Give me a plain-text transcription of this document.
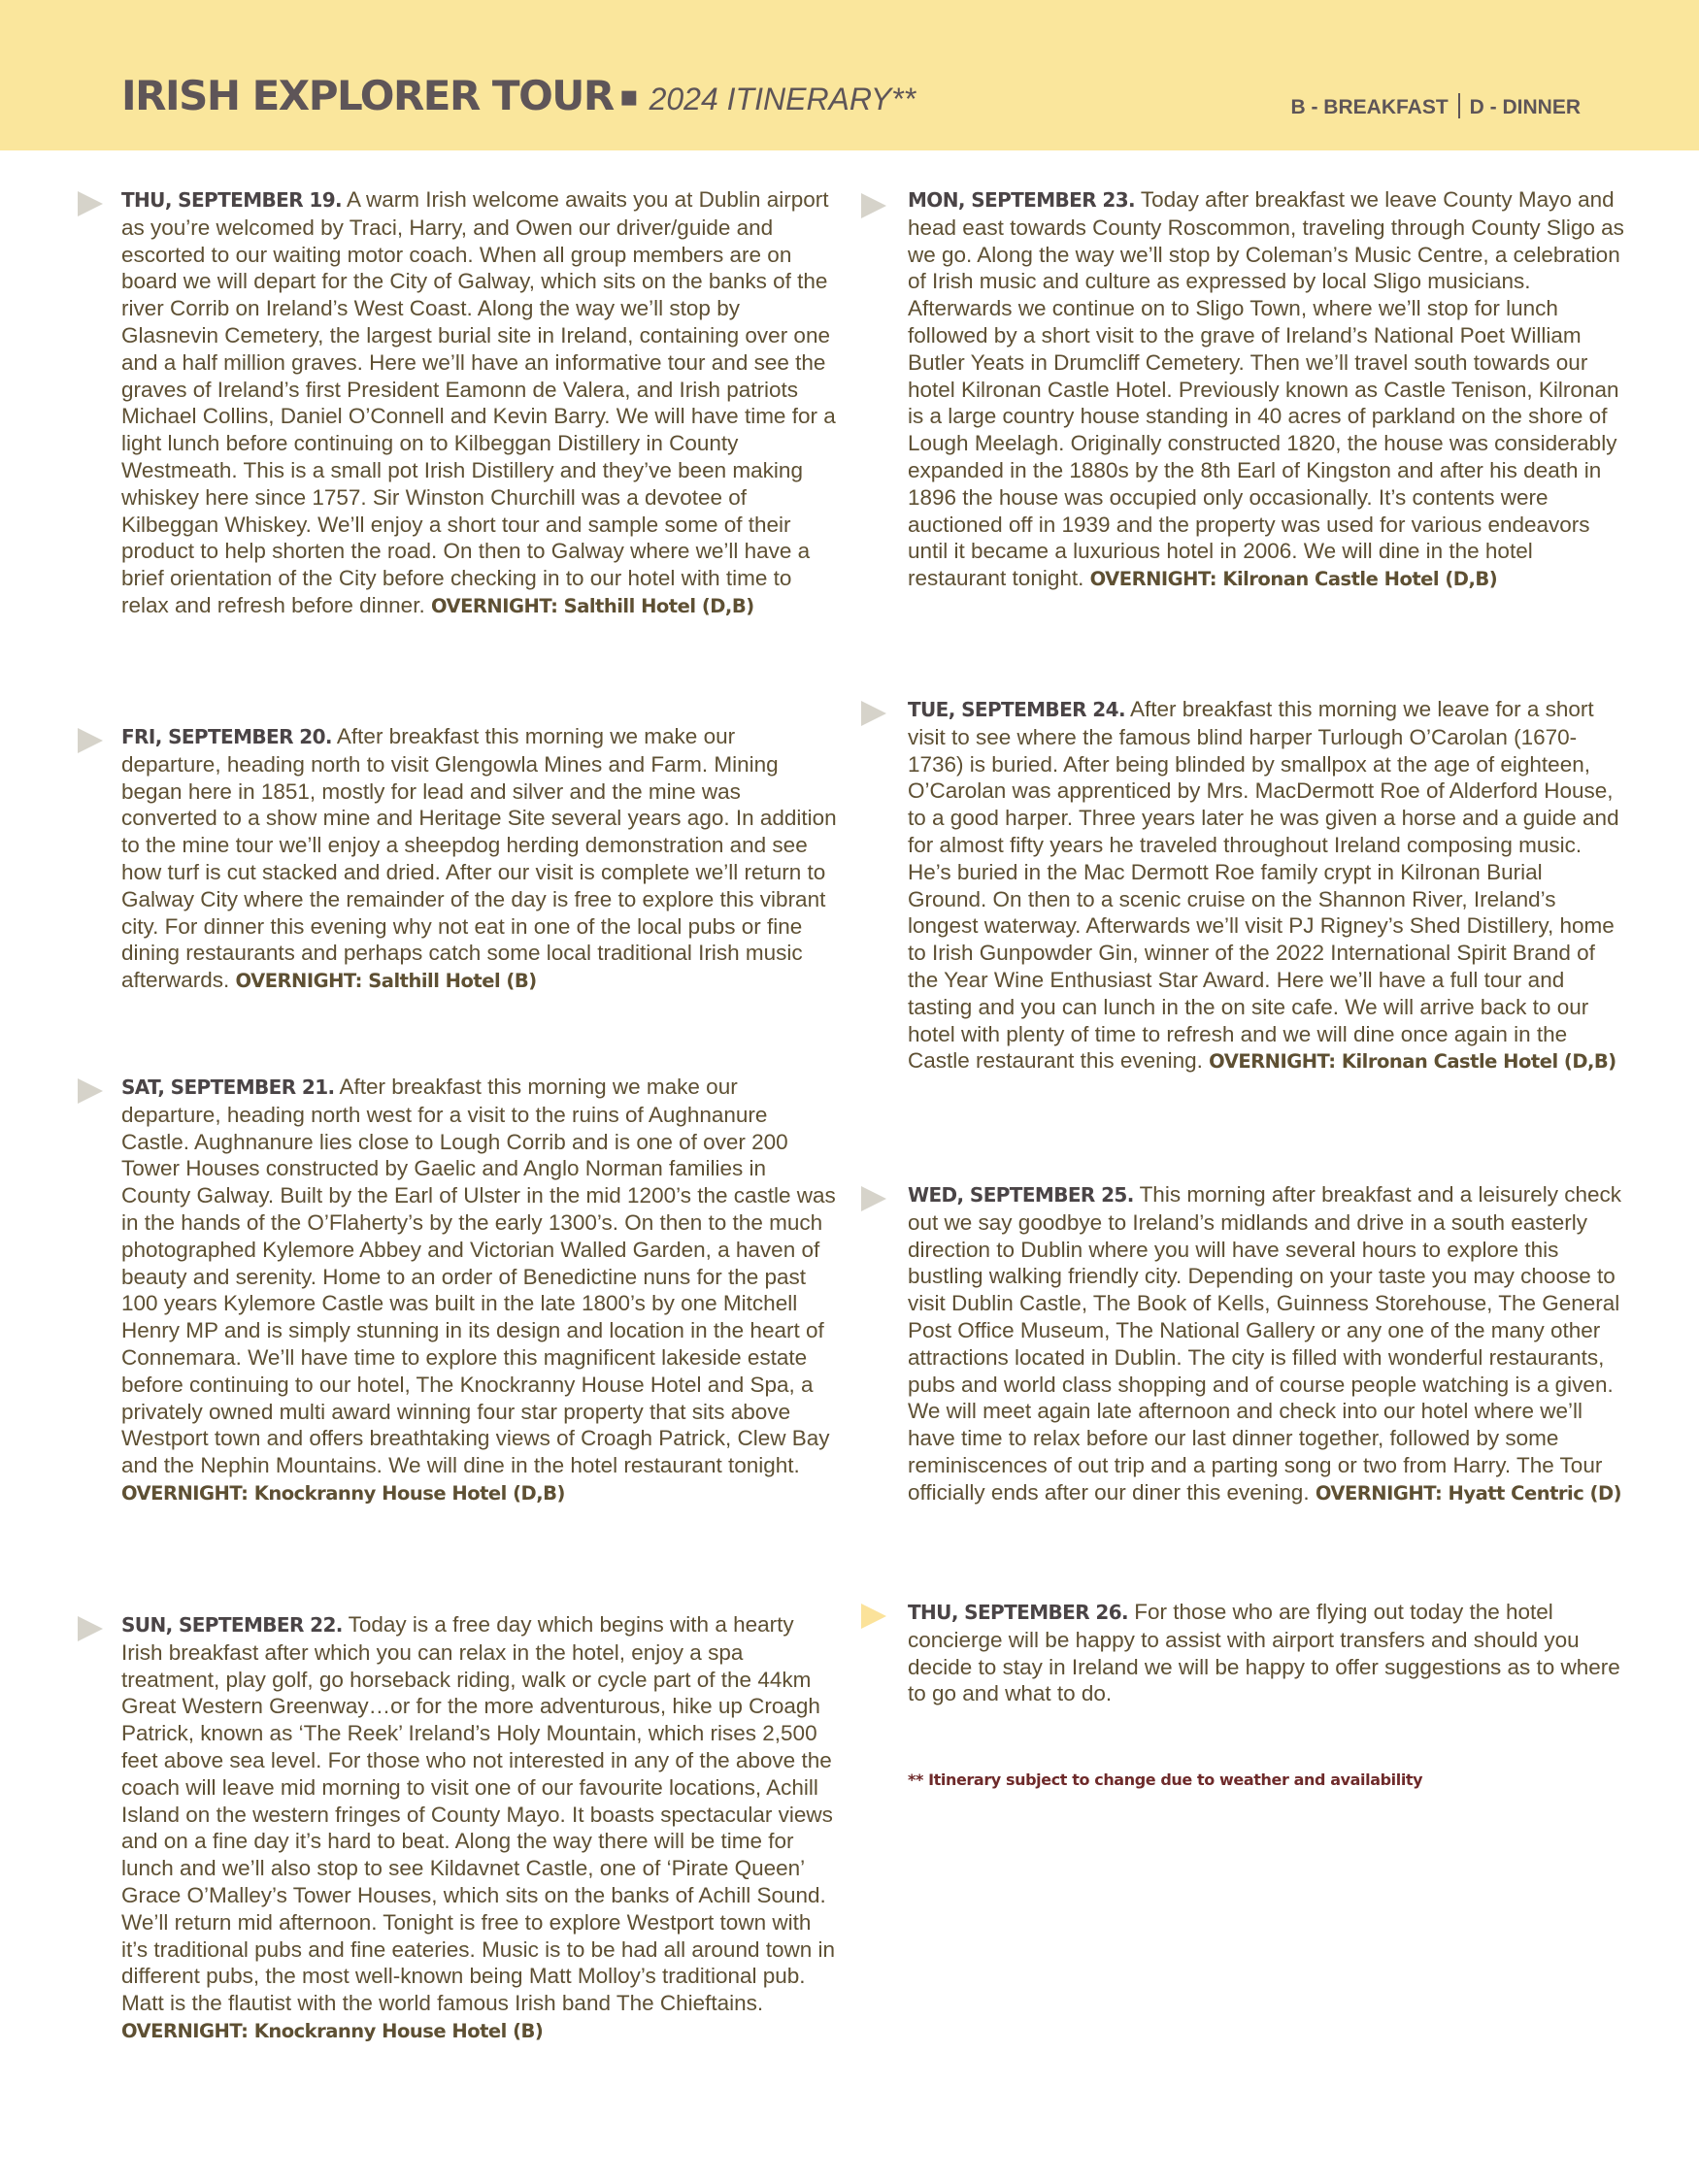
IRISH EXPLORER TOUR ▪ 2024 ITINERARY**	B - BREAKFAST D - DINNER
THU, SEPTEMBER 19. A warm Irish welcome awaits you at Dublin airport as you’re welcomed by Traci, Harry, and Owen our driver/guide and escorted to our waiting motor coach. When all group members are on board we will depart for the City of Galway, which sits on the banks of the river Corrib on Ireland’s West Coast. Along the way we’ll stop by Glasnevin Cemetery, the largest burial site in Ireland, containing over one and a half million graves. Here we’ll have an informative tour and see the graves of Ireland’s first President Eamonn de Valera, and Irish patriots Michael Collins, Daniel O’Connell and Kevin Barry. We will have time for a light lunch before continuing on to Kilbeggan Distillery in County Westmeath. This is a small pot Irish Distillery and they’ve been making whiskey here since 1757. Sir Winston Churchill was a devotee of Kilbeggan Whiskey. We’ll enjoy a short tour and sample some of their product to help shorten the road. On then to Galway where we’ll have a brief orientation of the City before checking in to our hotel with time to relax and refresh before dinner. OVERNIGHT: Salthill Hotel (D,B)
FRI, SEPTEMBER 20. After breakfast this morning we make our departure, heading north to visit Glengowla Mines and Farm. Mining began here in 1851, mostly for lead and silver and the mine was converted to a show mine and Heritage Site several years ago. In addition to the mine tour we’ll enjoy a sheepdog herding demonstration and see how turf is cut stacked and dried. After our visit is complete we’ll return to Galway City where the remainder of the day is free to explore this vibrant city. For dinner this evening why not eat in one of the local pubs or fine dining restaurants and perhaps catch some local traditional Irish music afterwards. OVERNIGHT: Salthill Hotel (B)
SAT, SEPTEMBER 21. After breakfast this morning we make our departure, heading north west for a visit to the ruins of Aughnanure Castle. Aughnanure lies close to Lough Corrib and is one of over 200 Tower Houses constructed by Gaelic and Anglo Norman families in County Galway. Built by the Earl of Ulster in the mid 1200’s the castle was in the hands of the O’Flaherty’s by the early 1300’s. On then to the much photographed Kylemore Abbey and Victorian Walled Garden, a haven of beauty and serenity. Home to an order of Benedictine nuns for the past 100 years Kylemore Castle was built in the late 1800’s by one Mitchell Henry MP and is simply stunning in its design and location in the heart of Connemara. We’ll have time to explore this magnificent lakeside estate before continuing to our hotel, The Knockranny House Hotel and Spa, a privately owned multi award winning four star property that sits above Westport town and offers breathtaking views of Croagh Patrick, Clew Bay and the Nephin Mountains. We will dine in the hotel restaurant tonight. OVERNIGHT: Knockranny House Hotel (D,B)
SUN, SEPTEMBER 22. Today is a free day which begins with a hearty Irish breakfast after which you can relax in the hotel, enjoy a spa treatment, play golf, go horseback riding, walk or cycle part of the 44km Great Western Greenway…or for the more adventurous, hike up Croagh Patrick, known as ‘The Reek’ Ireland’s Holy Mountain, which rises 2,500 feet above sea level. For those who not interested in any of the above the coach will leave mid morning to visit one of our favourite locations, Achill Island on the western fringes of County Mayo. It boasts spectacular views and on a fine day it’s hard to beat. Along the way there will be time for lunch and we’ll also stop to see Kildavnet Castle, one of ‘Pirate Queen’ Grace O’Malley’s Tower Houses, which sits on the banks of Achill Sound. We’ll return mid afternoon. Tonight is free to explore Westport town with it’s traditional pubs and fine eateries. Music is to be had all around town in different pubs, the most well-known being Matt Molloy’s traditional pub. Matt is the flautist with the world famous Irish band The Chieftains. OVERNIGHT: Knockranny House Hotel (B)
MON, SEPTEMBER 23. Today after breakfast we leave County Mayo and head east towards County Roscommon, traveling through County Sligo as we go. Along the way we’ll stop by Coleman’s Music Centre, a celebration of Irish music and culture as expressed by local Sligo musicians. Afterwards we continue on to Sligo Town, where we’ll stop for lunch followed by a short visit to the grave of Ireland’s National Poet William Butler Yeats in Drumcliff Cemetery. Then we’ll travel south towards our hotel Kilronan Castle Hotel. Previously known as Castle Tenison, Kilronan is a large country house standing in 40 acres of parkland on the shore of Lough Meelagh. Originally constructed 1820, the house was considerably expanded in the 1880s by the 8th Earl of Kingston and after his death in 1896 the house was occupied only occasionally. It’s contents were auctioned off in 1939 and the property was used for various endeavors until it became a luxurious hotel in 2006. We will dine in the hotel restaurant tonight. OVERNIGHT: Kilronan Castle Hotel (D,B)
TUE, SEPTEMBER 24. After breakfast this morning we leave for a short visit to see where the famous blind harper Turlough O’Carolan (1670-1736) is buried. After being blinded by smallpox at the age of eighteen, O’Carolan was apprenticed by Mrs. MacDermott Roe of Alderford House, to a good harper. Three years later he was given a horse and a guide and for almost fifty years he traveled throughout Ireland composing music. He’s buried in the Mac Dermott Roe family crypt in Kilronan Burial Ground. On then to a scenic cruise on the Shannon River, Ireland’s longest waterway. Afterwards we’ll visit PJ Rigney’s Shed Distillery, home to Irish Gunpowder Gin, winner of the 2022 International Spirit Brand of the Year Wine Enthusiast Star Award. Here we’ll have a full tour and tasting and you can lunch in the on site cafe. We will arrive back to our hotel with plenty of time to refresh and we will dine once again in the Castle restaurant this evening. OVERNIGHT: Kilronan Castle Hotel (D,B)
WED, SEPTEMBER 25. This morning after breakfast and a leisurely check out we say goodbye to Ireland’s midlands and drive in a south easterly direction to Dublin where you will have several hours to explore this bustling walking friendly city. Depending on your taste you may choose to visit Dublin Castle, The Book of Kells, Guinness Storehouse, The General Post Office Museum, The National Gallery or any one of the many other attractions located in Dublin. The city is filled with wonderful restaurants, pubs and world class shopping and of course people watching is a given. We will meet again late afternoon and check into our hotel where we’ll have time to relax before our last dinner together, followed by some reminiscences of out trip and a parting song or two from Harry. The Tour officially ends after our diner this evening. OVERNIGHT: Hyatt Centric (D)
THU, SEPTEMBER 26. For those who are flying out today the hotel concierge will be happy to assist with airport transfers and should you decide to stay in Ireland we will be happy to offer suggestions as to where to go and what to do.
** Itinerary subject to change due to weather and availability
